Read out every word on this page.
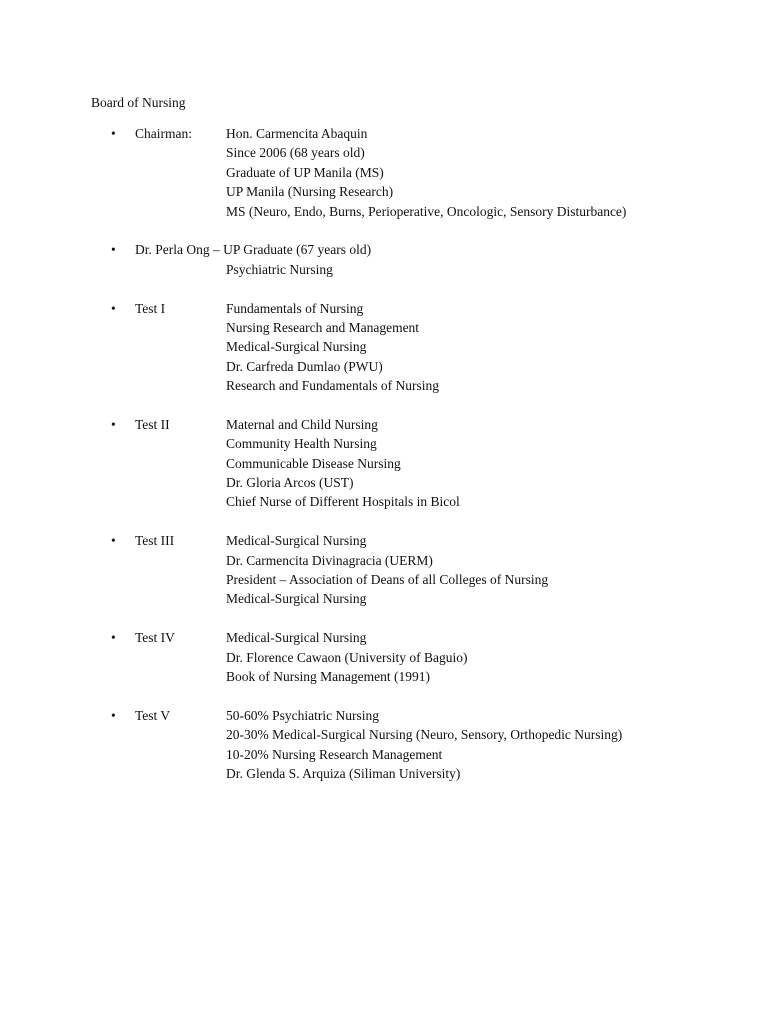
Board of Nursing
•	Chairman:	Hon. Carmencita Abaquin
Since 2006 (68 years old)
Graduate of UP Manila (MS)
UP Manila (Nursing Research)
MS (Neuro, Endo, Burns, Perioperative, Oncologic, Sensory Disturbance)
•	Dr. Perla Ong – UP Graduate (67 years old)
Psychiatric Nursing
•	Test I	Fundamentals of Nursing
Nursing Research and Management
Medical-Surgical Nursing
Dr. Carfreda Dumlao (PWU)
Research and Fundamentals of Nursing
•	Test II	Maternal and Child Nursing
Community Health Nursing
Communicable Disease Nursing
Dr. Gloria Arcos (UST)
Chief Nurse of Different Hospitals in Bicol
•	Test III	Medical-Surgical Nursing
Dr. Carmencita Divinagracia (UERM)
President – Association of Deans of all Colleges of Nursing
Medical-Surgical Nursing
•	Test IV	Medical-Surgical Nursing
Dr. Florence Cawaon (University of Baguio)
Book of Nursing Management (1991)
•	Test V	50-60% Psychiatric Nursing
20-30% Medical-Surgical Nursing (Neuro, Sensory, Orthopedic Nursing)
10-20% Nursing Research Management
Dr. Glenda S. Arquiza (Siliman University)
